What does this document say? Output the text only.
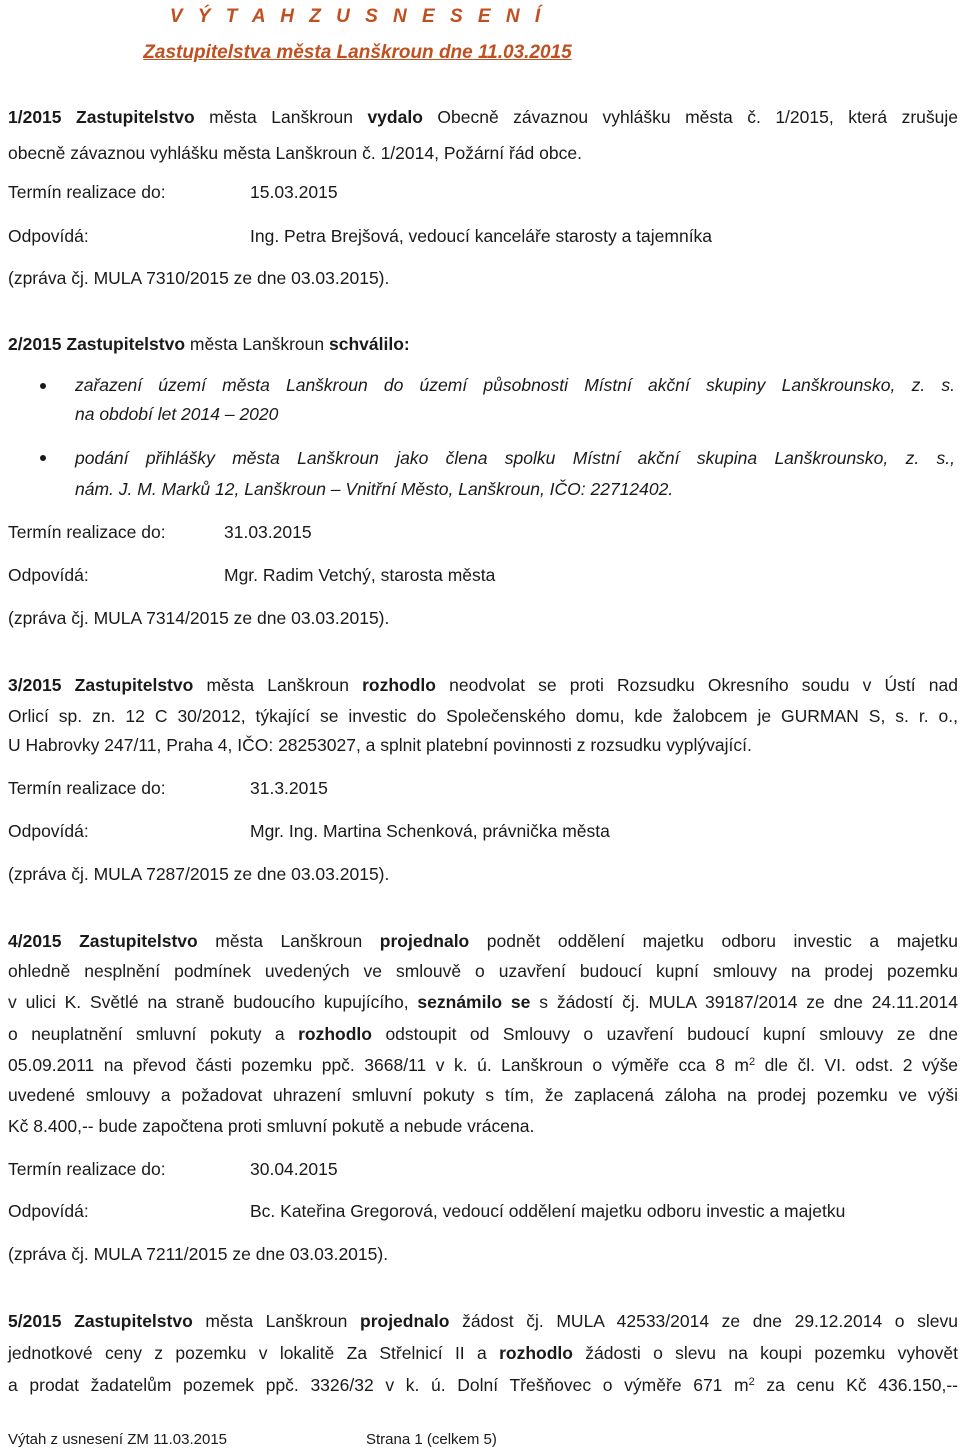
V Ý T A H Z U S N E S E N Í
Zastupitelstva města Lanškroun dne 11.03.2015
1/2015 Zastupitelstvo města Lanškroun vydalo Obecně závaznou vyhlášku města č. 1/2015, která zrušuje
obecně závaznou vyhlášku města Lanškroun č. 1/2014, Požární řád obce.
Termín realizace do:	15.03.2015
Odpovídá:	Ing. Petra Brejšová, vedoucí kanceláře starosty a tajemníka
(zpráva čj. MULA 7310/2015 ze dne 03.03.2015).
2/2015 Zastupitelstvo města Lanškroun schválilo:
zařazení území města Lanškroun do území působnosti Místní akční skupiny Lanškrounsko, z. s.
na období let 2014 – 2020
podání přihlášky města Lanškroun jako člena spolku Místní akční skupina Lanškrounsko, z. s.,
nám. J. M. Marků 12, Lanškroun – Vnitřní Město, Lanškroun, IČO: 22712402.
Termín realizace do:	31.03.2015
Odpovídá:	Mgr. Radim Vetchý, starosta města
(zpráva čj. MULA 7314/2015 ze dne 03.03.2015).
3/2015 Zastupitelstvo města Lanškroun rozhodlo neodvolat se proti Rozsudku Okresního soudu v Ústí nad
Orlicí sp. zn. 12 C 30/2012, týkající se investic do Společenského domu, kde žalobcem je GURMAN S, s. r. o.,
U Habrovky 247/11, Praha 4, IČO: 28253027, a splnit platební povinnosti z rozsudku vyplývající.
Termín realizace do:	31.3.2015
Odpovídá:	Mgr. Ing. Martina Schenková, právnička města
(zpráva čj. MULA 7287/2015 ze dne 03.03.2015).
4/2015 Zastupitelstvo města Lanškroun projednalo podnět oddělení majetku odboru investic a majetku
ohledně nesplnění podmínek uvedených ve smlouvě o uzavření budoucí kupní smlouvy na prodej pozemku
v ulici K. Světlé na straně budoucího kupujícího, seznámilo se s žádostí čj. MULA 39187/2014 ze dne 24.11.2014
o neuplatnění smluvní pokuty a rozhodlo odstoupit od Smlouvy o uzavření budoucí kupní smlouvy ze dne
05.09.2011 na převod části pozemku ppč. 3668/11 v k. ú. Lanškroun o výměře cca 8 $m^2$ dle čl. VI. odst. 2 výše
uvedené smlouvy a požadovat uhrazení smluvní pokuty s tím, že zaplacená záloha na prodej pozemku ve výši
Kč 8.400,-- bude započtena proti smluvní pokutě a nebude vrácena.
Termín realizace do:	30.04.2015
Odpovídá:	Bc. Kateřina Gregorová, vedoucí oddělení majetku odboru investic a majetku
(zpráva čj. MULA 7211/2015 ze dne 03.03.2015).
5/2015 Zastupitelstvo města Lanškroun projednalo žádost čj. MULA 42533/2014 ze dne 29.12.2014 o slevu
jednotkové ceny z pozemku v lokalitě Za Střelnicí II a rozhodlo žádosti o slevu na koupi pozemku vyhovět
a prodat žadatelům pozemek ppč. 3326/32 v k. ú. Dolní Třešňovec o výměře 671 $m^2$ za cenu Kč 436.150,--
Výtah z usnesení ZM 11.03.2015	Strana 1 (celkem 5)
